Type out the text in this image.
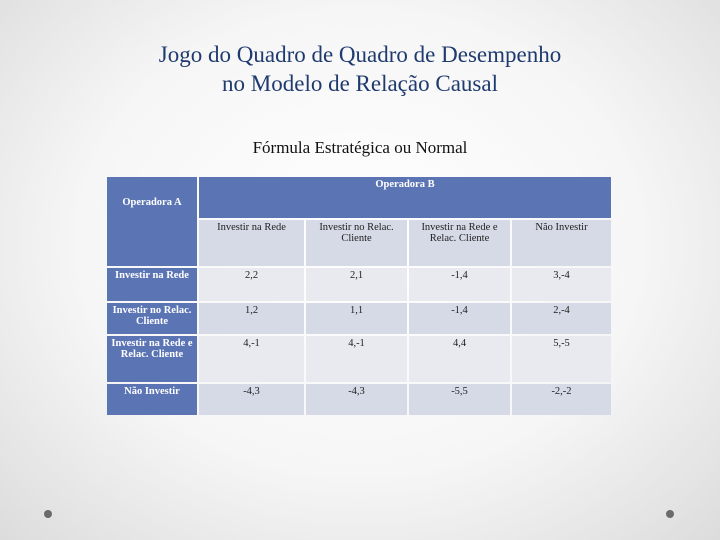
Jogo do Quadro de Quadro de Desempenho
no Modelo de Relação Causal
Fórmula Estratégica ou Normal
Operadora A	Operadora B			
	Investir na Rede	Investir no Relac. Cliente	Investir na Rede e Relac. Cliente	Não Investir
Investir na Rede	2,2	2,1	-1,4	3,-4
Investir no Relac. Cliente	1,2	1,1	-1,4	2,-4
Investir na Rede e Relac. Cliente	4,-1	4,-1	4,4	5,-5
Não Investir	-4,3	-4,3	-5,5	-2,-2
